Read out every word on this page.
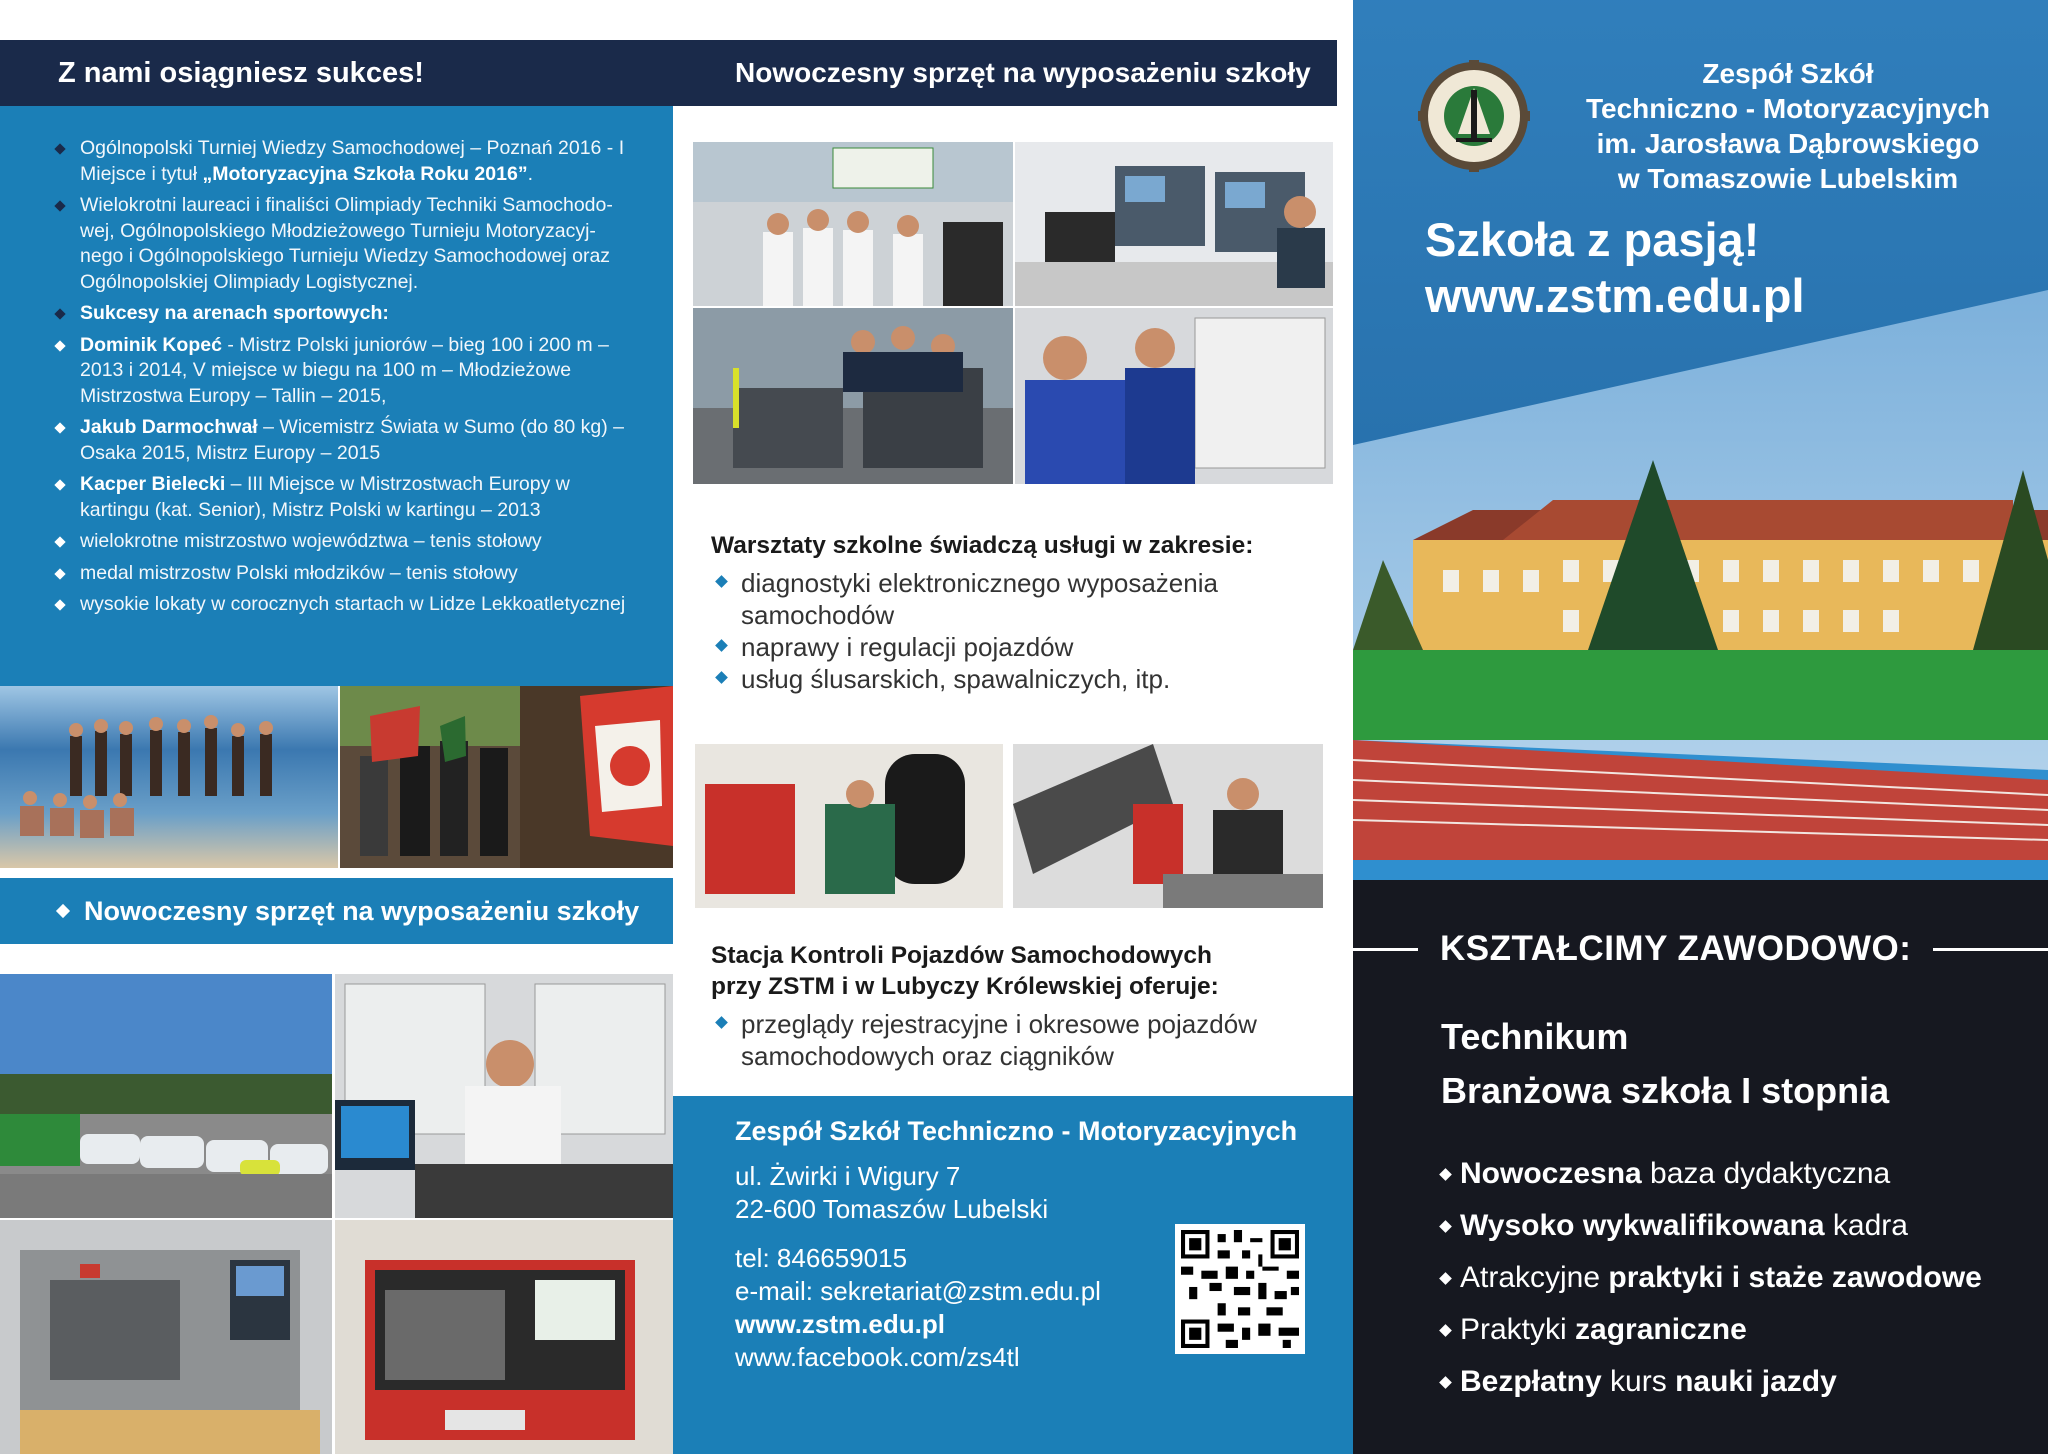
Z nami osiągniesz sukces!
Ogólnopolski Turniej Wiedzy Samochodowej – Poznań 2016 - I Miejsce i tytuł „Motoryzacyjna Szkoła Roku 2016”.
Wielokrotni laureaci i finaliści Olimpiady Techniki Samochodo-wej, Ogólnopolskiego Młodzieżowego Turnieju Motoryzacyj-nego i Ogólnopolskiego Turnieju Wiedzy Samochodowej oraz Ogólnopolskiej Olimpiady Logistycznej.
Sukcesy na arenach sportowych:
Dominik Kopeć - Mistrz Polski juniorów – bieg 100 i 200 m – 2013 i 2014, V miejsce w biegu na 100 m – Młodzieżowe Mistrzostwa Europy – Tallin – 2015,
Jakub Darmochwał – Wicemistrz Świata w Sumo (do 80 kg) – Osaka 2015, Mistrz Europy – 2015
Kacper Bielecki – III Miejsce w Mistrzostwach Europy w kartingu (kat. Senior), Mistrz Polski w kartingu – 2013
wielokrotne mistrzostwo województwa – tenis stołowy
medal mistrzostw Polski młodzików – tenis stołowy
wysokie lokaty w corocznych startach w Lidze Lekkoatletycznej
Nowoczesny sprzęt na wyposażeniu szkoły
Nowoczesny sprzęt na wyposażeniu szkoły
Warsztaty szkolne świadczą usługi w zakresie:
diagnostyki elektronicznego wyposażenia samochodów
naprawy i regulacji pojazdów
usług ślusarskich, spawalniczych, itp.
Stacja Kontroli Pojazdów Samochodowych
przy ZSTM i w Lubyczy Królewskiej oferuje:
przeglądy rejestracyjne i okresowe pojazdów samochodowych oraz ciągników
Zespół Szkół Techniczno - Motoryzacyjnych
ul. Żwirki i Wigury 7
22-600 Tomaszów Lubelski
tel: 846659015
e-mail: sekretariat@zstm.edu.pl
www.zstm.edu.pl
www.facebook.com/zs4tl
Zespół Szkół
Techniczno - Motoryzacyjnych
im. Jarosława Dąbrowskiego
w Tomaszowie Lubelskim
Szkoła z pasją!
www.zstm.edu.pl
KSZTAŁCIMY ZAWODOWO:
Technikum
Branżowa szkoła I stopnia
Nowoczesna baza dydaktyczna
Wysoko wykwalifikowana kadra
Atrakcyjne praktyki i staże zawodowe
Praktyki zagraniczne
Bezpłatny kurs nauki jazdy
